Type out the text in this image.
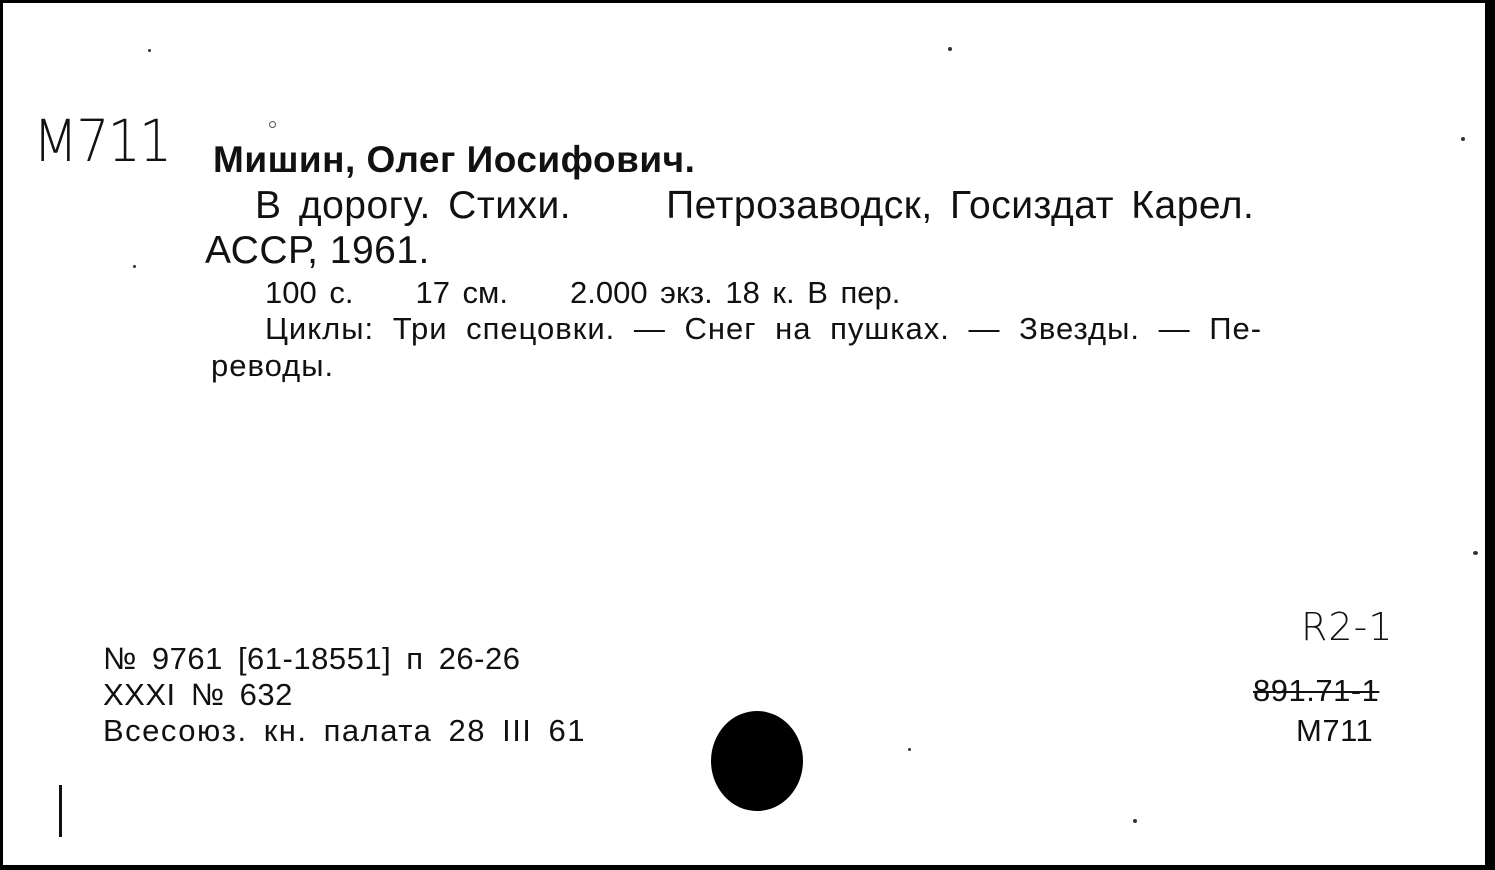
М711 Мишин, Олег Иосифович.
В дорогу. Стихи. Петрозаводск, Госиздат Карел.
АССР, 1961.
100 с. 17 см. 2.000 экз. 18 к. В пер.
Циклы: Три спецовки. — Снег на пушках. — Звезды. — Пе-
реводы.
№ 9761 [61-18551] п 26-26
XXXI № 632
Всесоюз. кн. палата 28 III 61
R2-1
891.71-1
М711
